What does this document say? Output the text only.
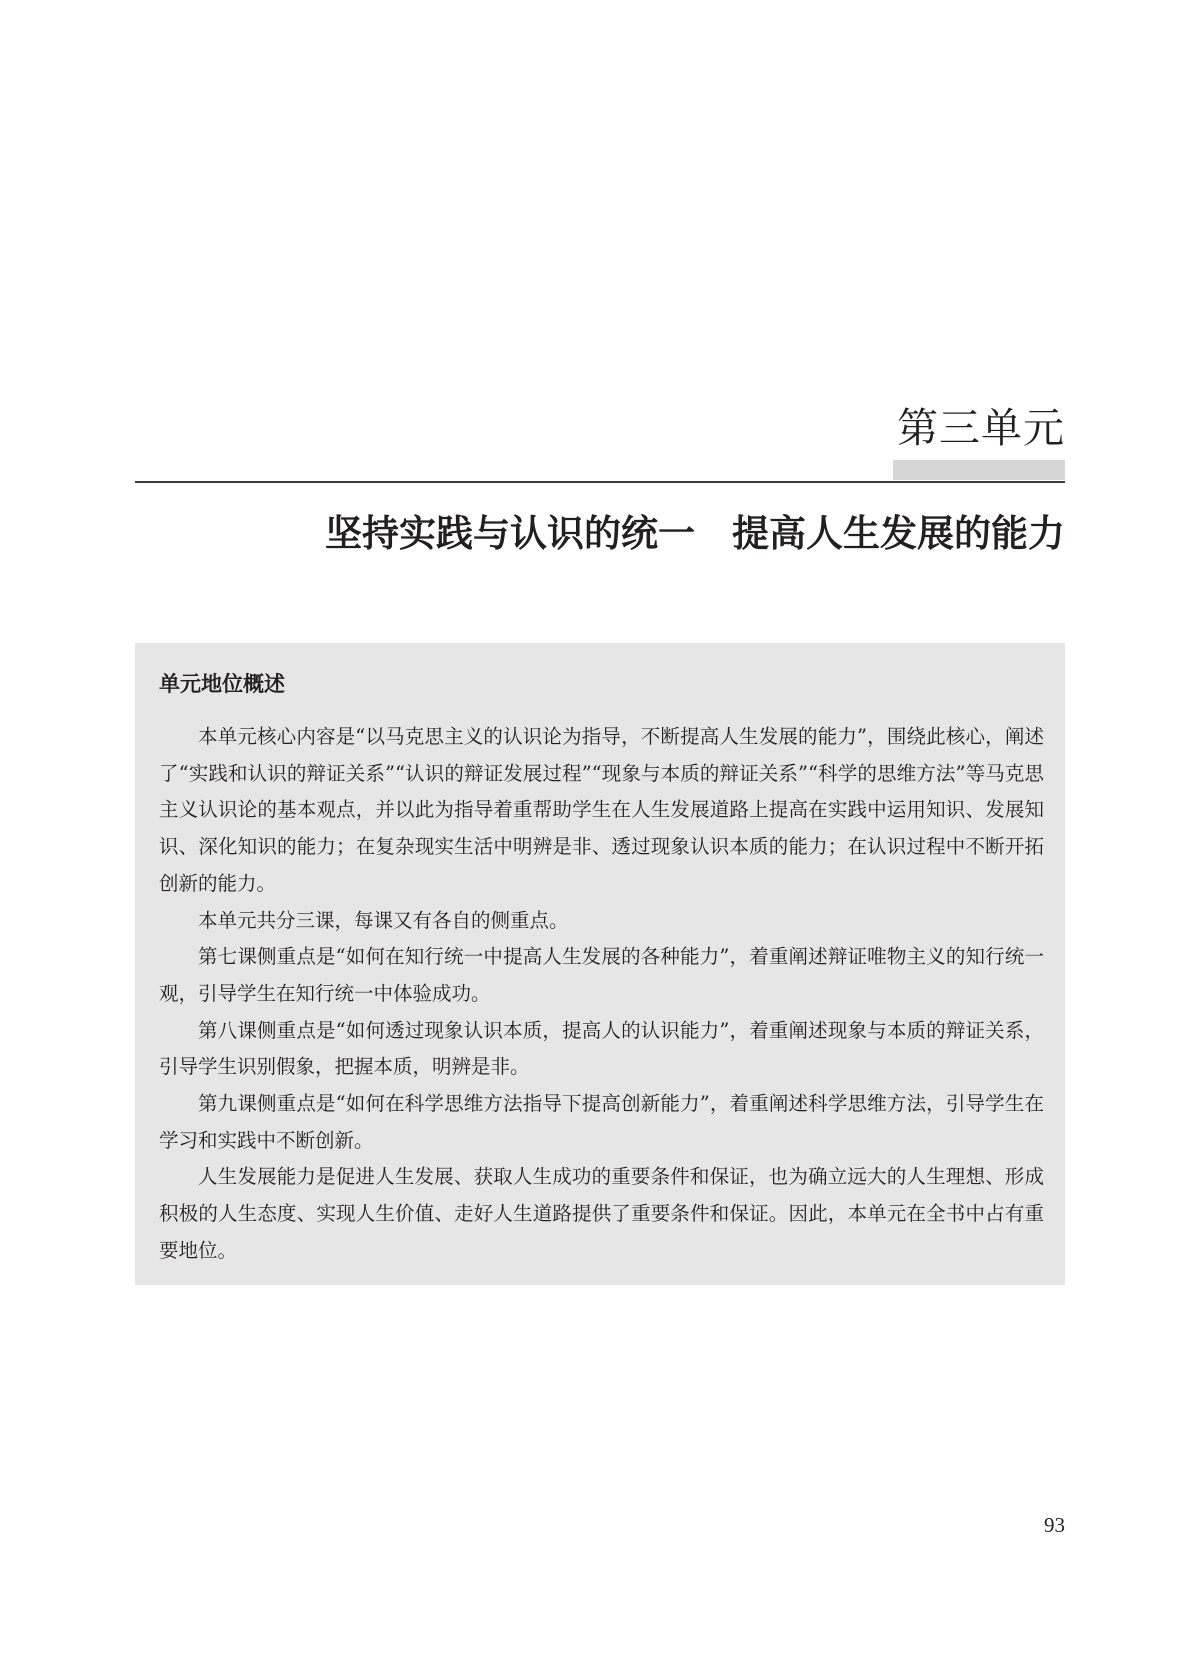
第三单元
坚持实践与认识的统一　提高人生发展的能力
单元地位概述

本单元核心内容是“以马克思主义的认识论为指导，不断提高人生发展的能力”，围绕此核心，阐述了“实践和认识的辩证关系”“认识的辩证发展过程”“现象与本质的辩证关系”“科学的思维方法”等马克思主义认识论的基本观点，并以此为指导着重帮助学生在人生发展道路上提高在实践中运用知识、发展知识、深化知识的能力；在复杂现实生活中明辨是非、透过现象认识本质的能力；在认识过程中不断开拓创新的能力。

本单元共分三课，每课又有各自的侧重点。

第七课侧重点是“如何在知行统一中提高人生发展的各种能力”，着重阐述辩证唯物主义的知行统一观，引导学生在知行统一中体验成功。

第八课侧重点是“如何透过现象认识本质，提高人的认识能力”，着重阐述现象与本质的辩证关系，引导学生识别假象，把握本质，明辨是非。

第九课侧重点是“如何在科学思维方法指导下提高创新能力”，着重阐述科学思维方法，引导学生在学习和实践中不断创新。

人生发展能力是促进人生发展、获取人生成功的重要条件和保证，也为确立远大的人生理想、形成积极的人生态度、实现人生价值、走好人生道路提供了重要条件和保证。因此，本单元在全书中占有重要地位。

93
